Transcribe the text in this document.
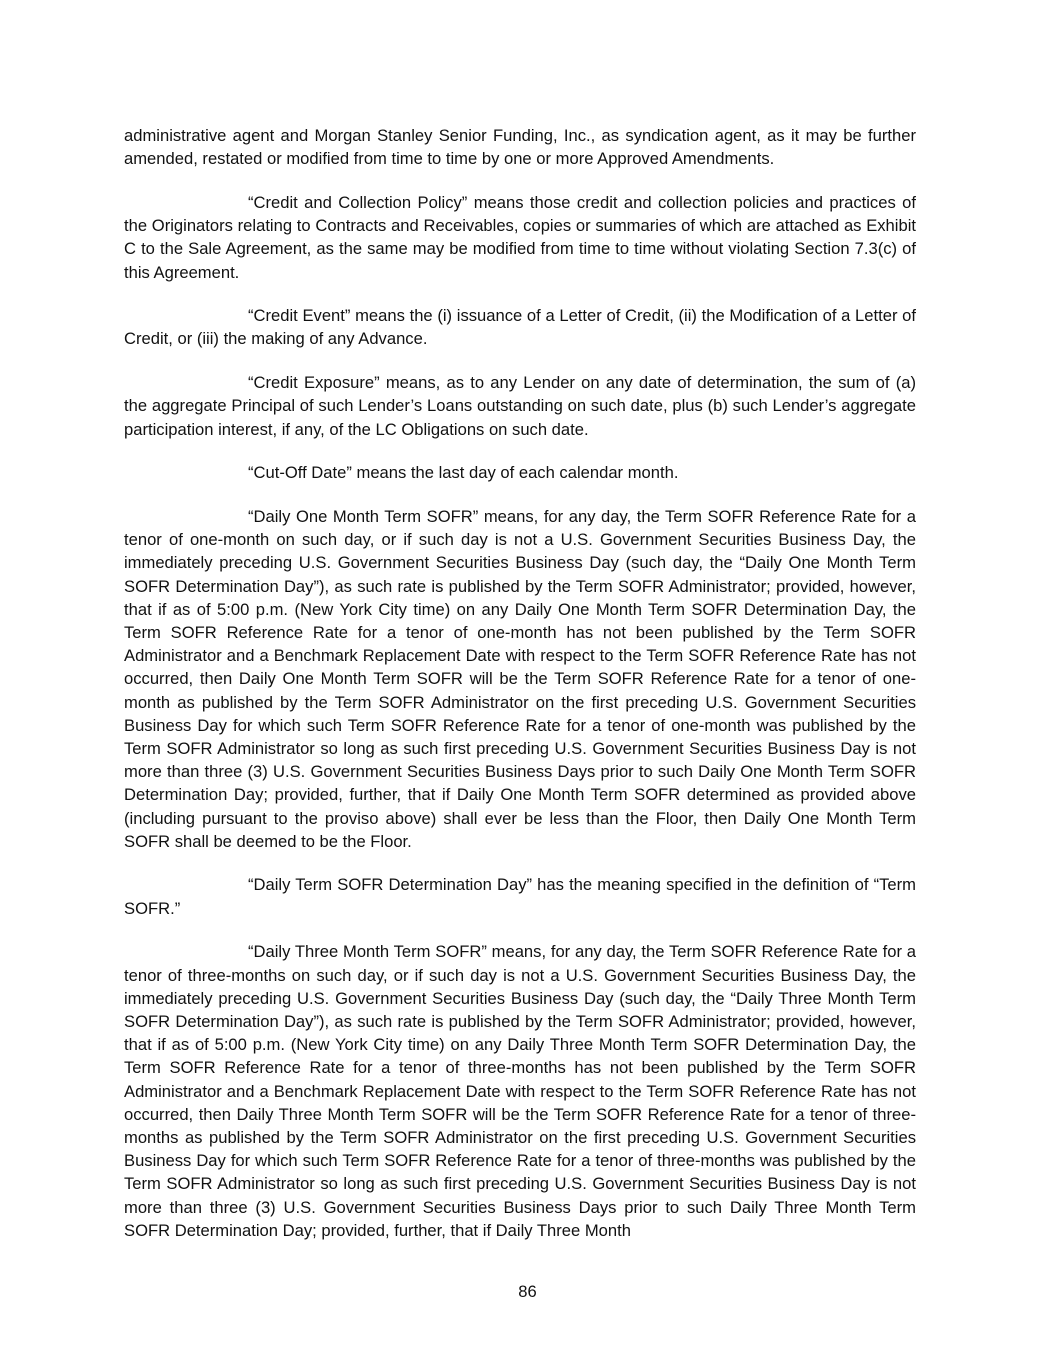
administrative agent and Morgan Stanley Senior Funding, Inc., as syndication agent, as it may be further amended, restated or modified from time to time by one or more Approved Amendments.

“Credit and Collection Policy” means those credit and collection policies and practices of the Originators relating to Contracts and Receivables, copies or summaries of which are attached as Exhibit C to the Sale Agreement, as the same may be modified from time to time without violating Section 7.3(c) of this Agreement.

“Credit Event” means the (i) issuance of a Letter of Credit, (ii) the Modification of a Letter of Credit, or (iii) the making of any Advance.

“Credit Exposure” means, as to any Lender on any date of determination, the sum of (a) the aggregate Principal of such Lender’s Loans outstanding on such date, plus (b) such Lender’s aggregate participation interest, if any, of the LC Obligations on such date.

“Cut-Off Date” means the last day of each calendar month.

“Daily One Month Term SOFR” means, for any day, the Term SOFR Reference Rate for a tenor of one-month on such day, or if such day is not a U.S. Government Securities Business Day, the immediately preceding U.S. Government Securities Business Day (such day, the “Daily One Month Term SOFR Determination Day”), as such rate is published by the Term SOFR Administrator; provided, however, that if as of 5:00 p.m. (New York City time) on any Daily One Month Term SOFR Determination Day, the Term SOFR Reference Rate for a tenor of one-month has not been published by the Term SOFR Administrator and a Benchmark Replacement Date with respect to the Term SOFR Reference Rate has not occurred, then Daily One Month Term SOFR will be the Term SOFR Reference Rate for a tenor of one-month as published by the Term SOFR Administrator on the first preceding U.S. Government Securities Business Day for which such Term SOFR Reference Rate for a tenor of one-month was published by the Term SOFR Administrator so long as such first preceding U.S. Government Securities Business Day is not more than three (3) U.S. Government Securities Business Days prior to such Daily One Month Term SOFR Determination Day; provided, further, that if Daily One Month Term SOFR determined as provided above (including pursuant to the proviso above) shall ever be less than the Floor, then Daily One Month Term SOFR shall be deemed to be the Floor.

“Daily Term SOFR Determination Day” has the meaning specified in the definition of “Term SOFR.”

“Daily Three Month Term SOFR” means, for any day, the Term SOFR Reference Rate for a tenor of three-months on such day, or if such day is not a U.S. Government Securities Business Day, the immediately preceding U.S. Government Securities Business Day (such day, the “Daily Three Month Term SOFR Determination Day”), as such rate is published by the Term SOFR Administrator; provided, however, that if as of 5:00 p.m. (New York City time) on any Daily Three Month Term SOFR Determination Day, the Term SOFR Reference Rate for a tenor of three-months has not been published by the Term SOFR Administrator and a Benchmark Replacement Date with respect to the Term SOFR Reference Rate has not occurred, then Daily Three Month Term SOFR will be the Term SOFR Reference Rate for a tenor of three-months as published by the Term SOFR Administrator on the first preceding U.S. Government Securities Business Day for which such Term SOFR Reference Rate for a tenor of three-months was published by the Term SOFR Administrator so long as such first preceding U.S. Government Securities Business Day is not more than three (3) U.S. Government Securities Business Days prior to such Daily Three Month Term SOFR Determination Day; provided, further, that if Daily Three Month

86
